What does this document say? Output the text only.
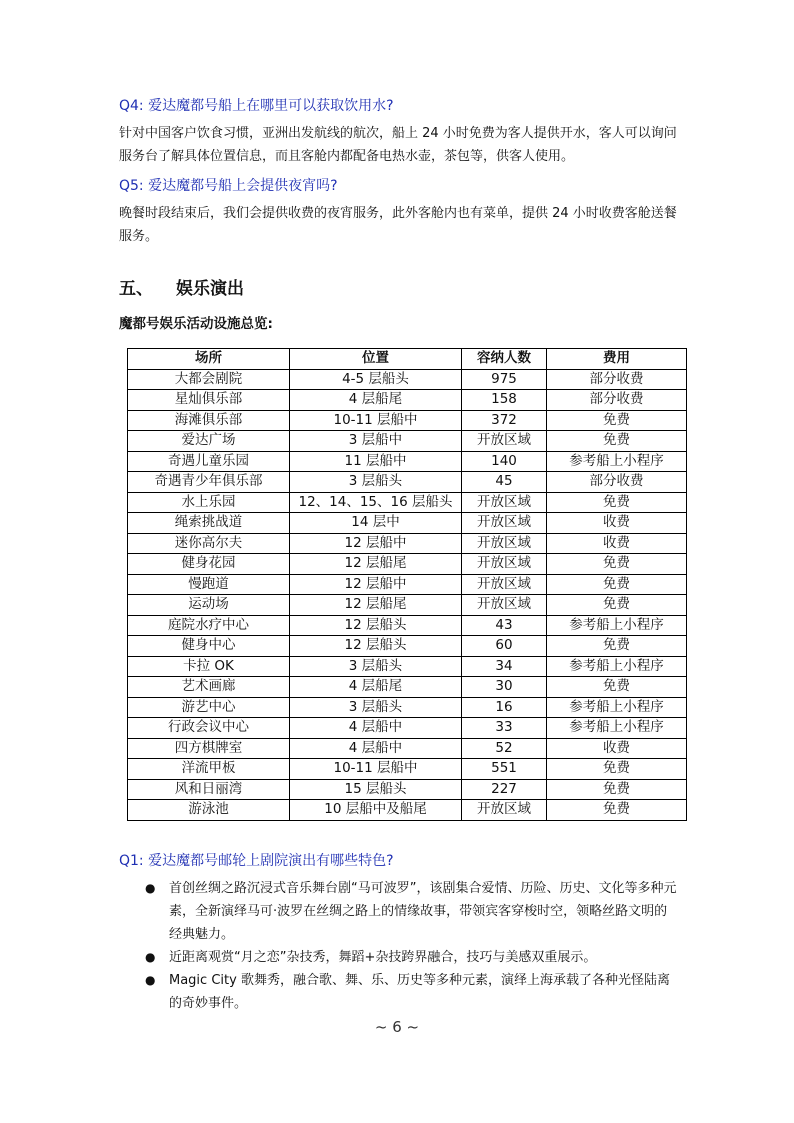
Q4: 爱达魔都号船上在哪里可以获取饮用水?
针对中国客户饮食习惯，亚洲出发航线的航次，船上 24 小时免费为客人提供开水，客人可以询问服务台了解具体位置信息，而且客舱内都配备电热水壶，茶包等，供客人使用。
Q5: 爱达魔都号船上会提供夜宵吗?
晚餐时段结束后，我们会提供收费的夜宵服务，此外客舱内也有菜单，提供 24 小时收费客舱送餐服务。
五、 娱乐演出
魔都号娱乐活动设施总览:
场所	位置	容纳人数	费用
大都会剧院	4-5 层船头	975	部分收费
星灿俱乐部	4 层船尾	158	部分收费
海滩俱乐部	10-11 层船中	372	免费
爱达广场	3 层船中	开放区域	免费
奇遇儿童乐园	11 层船中	140	参考船上小程序
奇遇青少年俱乐部	3 层船头	45	部分收费
水上乐园	12、14、15、16 层船头	开放区域	免费
绳索挑战道	14 层中	开放区域	收费
迷你高尔夫	12 层船中	开放区域	收费
健身花园	12 层船尾	开放区域	免费
慢跑道	12 层船中	开放区域	免费
运动场	12 层船尾	开放区域	免费
庭院水疗中心	12 层船头	43	参考船上小程序
健身中心	12 层船头	60	免费
卡拉 OK	3 层船头	34	参考船上小程序
艺术画廊	4 层船尾	30	免费
游艺中心	3 层船头	16	参考船上小程序
行政会议中心	4 层船中	33	参考船上小程序
四方棋牌室	4 层船中	52	收费
洋流甲板	10-11 层船中	551	免费
风和日丽湾	15 层船头	227	免费
游泳池	10 层船中及船尾	开放区域	免费
Q1: 爱达魔都号邮轮上剧院演出有哪些特色?
● 首创丝绸之路沉浸式音乐舞台剧“马可波罗”，该剧集合爱情、历险、历史、文化等多种元素，全新演绎马可·波罗在丝绸之路上的情缘故事，带领宾客穿梭时空，领略丝路文明的经典魅力。
● 近距离观赏“月之恋”杂技秀，舞蹈+杂技跨界融合，技巧与美感双重展示。
● Magic City 歌舞秀，融合歌、舞、乐、历史等多种元素，演绎上海承载了各种光怪陆离的奇妙事件。
~ 6 ~
